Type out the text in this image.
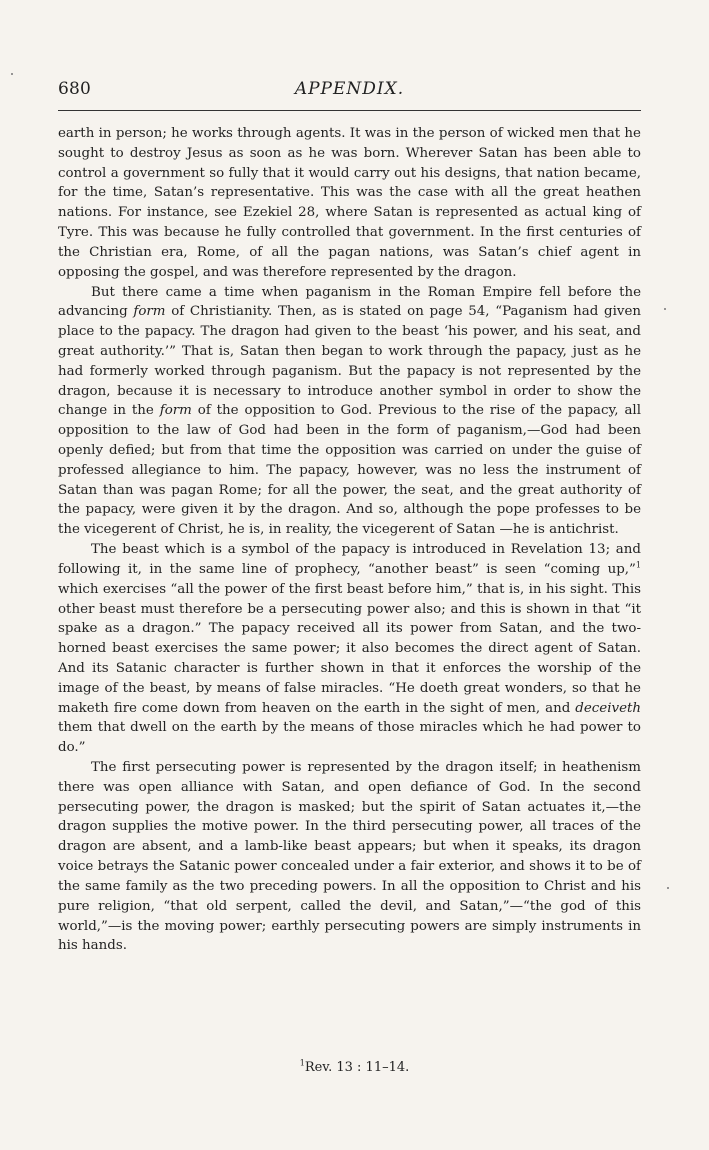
680	APPENDIX.

earth in person; he works through agents. It was in the person of wicked men that he sought to destroy Jesus as soon as he was born. Wherever Satan has been able to control a government so fully that it would carry out his designs, that nation became, for the time, Satan’s representative. This was the case with all the great heathen nations. For instance, see Ezekiel 28, where Satan is represented as actual king of Tyre. This was because he fully controlled that government. In the first centuries of the Christian era, Rome, of all the pagan nations, was Satan’s chief agent in opposing the gospel, and was therefore represented by the dragon.

But there came a time when paganism in the Roman Empire fell before the advancing form of Christianity. Then, as is stated on page 54, “Paganism had given place to the papacy. The dragon had given to the beast ‘his power, and his seat, and great authority.’” That is, Satan then began to work through the papacy, just as he had formerly worked through paganism. But the papacy is not represented by the dragon, because it is necessary to introduce another symbol in order to show the change in the form of the opposition to God. Previous to the rise of the papacy, all opposition to the law of God had been in the form of paganism,—God had been openly defied; but from that time the opposition was carried on under the guise of professed allegiance to him. The papacy, however, was no less the instrument of Satan than was pagan Rome; for all the power, the seat, and the great authority of the papacy, were given it by the dragon. And so, although the pope professes to be the vicegerent of Christ, he is, in reality, the vicegerent of Satan —he is antichrist.

The beast which is a symbol of the papacy is introduced in Revelation 13; and following it, in the same line of prophecy, “another beast” is seen “coming up,”$^1$ which exercises “all the power of the first beast before him,” that is, in his sight. This other beast must therefore be a persecuting power also; and this is shown in that “it spake as a dragon.” The papacy received all its power from Satan, and the two-horned beast exercises the same power; it also becomes the direct agent of Satan. And its Satanic character is further shown in that it enforces the worship of the image of the beast, by means of false miracles. “He doeth great wonders, so that he maketh fire come down from heaven on the earth in the sight of men, and deceiveth them that dwell on the earth by the means of those miracles which he had power to do.”

The first persecuting power is represented by the dragon itself; in heathenism there was open alliance with Satan, and open defiance of God. In the second persecuting power, the dragon is masked; but the spirit of Satan actuates it,—the dragon supplies the motive power. In the third persecuting power, all traces of the dragon are absent, and a lamb-like beast appears; but when it speaks, its dragon voice betrays the Satanic power concealed under a fair exterior, and shows it to be of the same family as the two preceding powers. In all the opposition to Christ and his pure religion, “that old serpent, called the devil, and Satan,”—“the god of this world,”—is the moving power; earthly persecuting powers are simply instruments in his hands.

$^1$Rev. 13 : 11–14.
